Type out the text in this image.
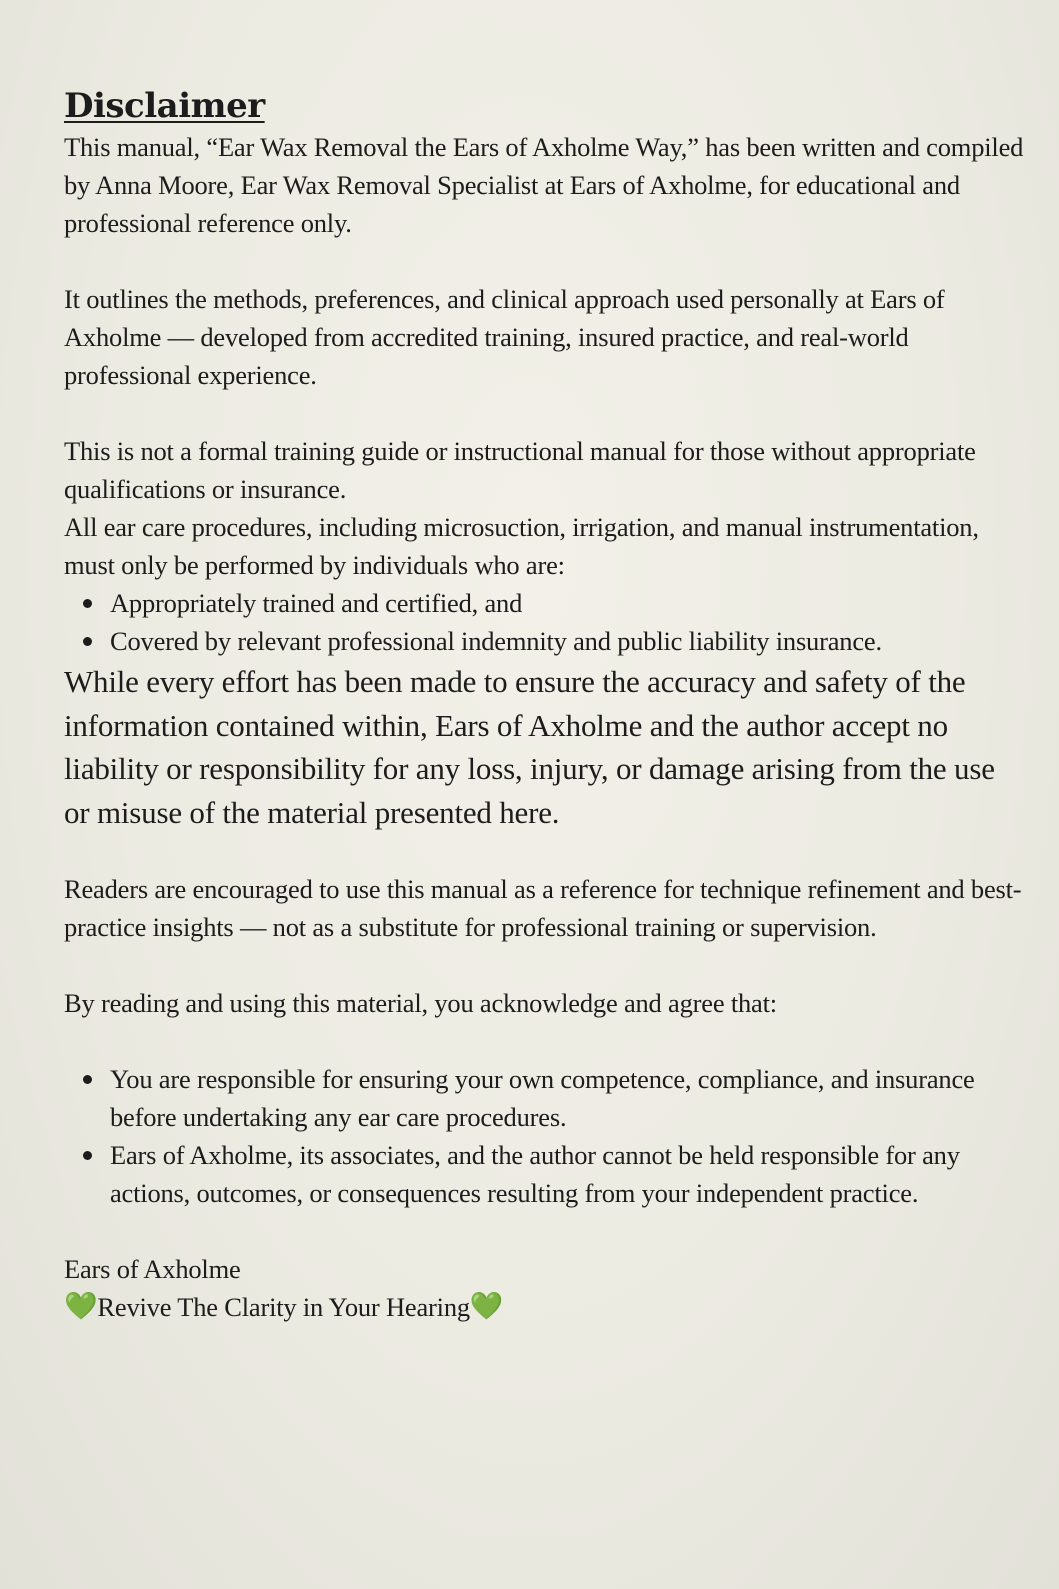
Disclaimer

This manual, “Ear Wax Removal the Ears of Axholme Way,” has been written and compiled by Anna Moore, Ear Wax Removal Specialist at Ears of Axholme, for educational and professional reference only.

It outlines the methods, preferences, and clinical approach used personally at Ears of Axholme — developed from accredited training, insured practice, and real-world professional experience.

This is not a formal training guide or instructional manual for those without appropriate qualifications or insurance.

All ear care procedures, including microsuction, irrigation, and manual instrumentation, must only be performed by individuals who are:

Appropriately trained and certified, and
Covered by relevant professional indemnity and public liability insurance.

While every effort has been made to ensure the accuracy and safety of the information contained within, Ears of Axholme and the author accept no liability or responsibility for any loss, injury, or damage arising from the use or misuse of the material presented here.

Readers are encouraged to use this manual as a reference for technique refinement and best-practice insights — not as a substitute for professional training or supervision.

By reading and using this material, you acknowledge and agree that:

You are responsible for ensuring your own competence, compliance, and insurance before undertaking any ear care procedures.
Ears of Axholme, its associates, and the author cannot be held responsible for any actions, outcomes, or consequences resulting from your independent practice.

Ears of Axholme

💚Revive The Clarity in Your Hearing💚
